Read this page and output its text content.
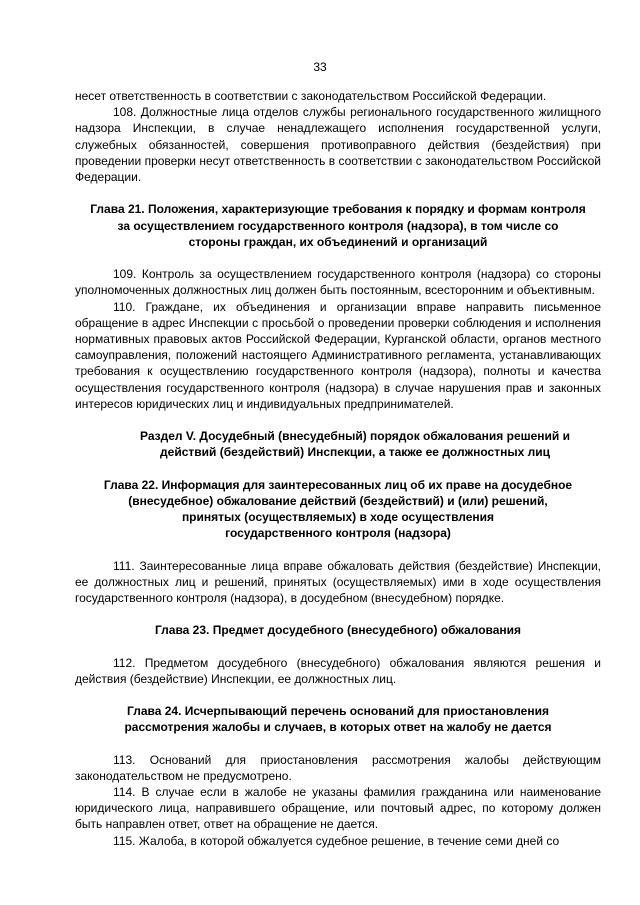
33

несет ответственность в соответствии с законодательством Российской Федерации.

108. Должностные лица отделов службы регионального государственного жилищного надзора Инспекции, в случае ненадлежащего исполнения государственной услуги, служебных обязанностей, совершения противоправного действия (бездействия) при проведении проверки несут ответственность в соответствии с законодательством Российской Федерации.

Глава 21. Положения, характеризующие требования к порядку и формам контроля

за осуществлением государственного контроля (надзора), в том числе со

стороны граждан, их объединений и организаций

109. Контроль за осуществлением государственного контроля (надзора) со стороны уполномоченных должностных лиц должен быть постоянным, всесторонним и объективным.

110. Граждане, их объединения и организации вправе направить письменное обращение в адрес Инспекции с просьбой о проведении проверки соблюдения и исполнения нормативных правовых актов Российской Федерации, Курганской области, органов местного самоуправления, положений настоящего Административного регламента, устанавливающих требования к осуществлению государственного контроля (надзора), полноты и качества осуществления государственного контроля (надзора) в случае нарушения прав и законных интересов юридических лиц и индивидуальных предпринимателей.

Раздел V. Досудебный (внесудебный) порядок обжалования решений и

действий (бездействий) Инспекции, а также ее должностных лиц

Глава 22. Информация для заинтересованных лиц об их праве на досудебное

(внесудебное) обжалование действий (бездействий) и (или) решений,

принятых (осуществляемых) в ходе осуществления

государственного контроля (надзора)

111. Заинтересованные лица вправе обжаловать действия (бездействие) Инспекции, ее должностных лиц и решений, принятых (осуществляемых) ими в ходе осуществления государственного контроля (надзора), в досудебном (внесудебном) порядке.

Глава 23. Предмет досудебного (внесудебного) обжалования

112. Предметом досудебного (внесудебного) обжалования являются решения и действия (бездействие) Инспекции, ее должностных лиц.

Глава 24. Исчерпывающий перечень оснований для приостановления

рассмотрения жалобы и случаев, в которых ответ на жалобу не дается

113. Оснований для приостановления рассмотрения жалобы действующим законодательством не предусмотрено.

114. В случае если в жалобе не указаны фамилия гражданина или наименование юридического лица, направившего обращение, или почтовый адрес, по которому должен быть направлен ответ, ответ на обращение не дается.

115. Жалоба, в которой обжалуется судебное решение, в течение семи дней со
